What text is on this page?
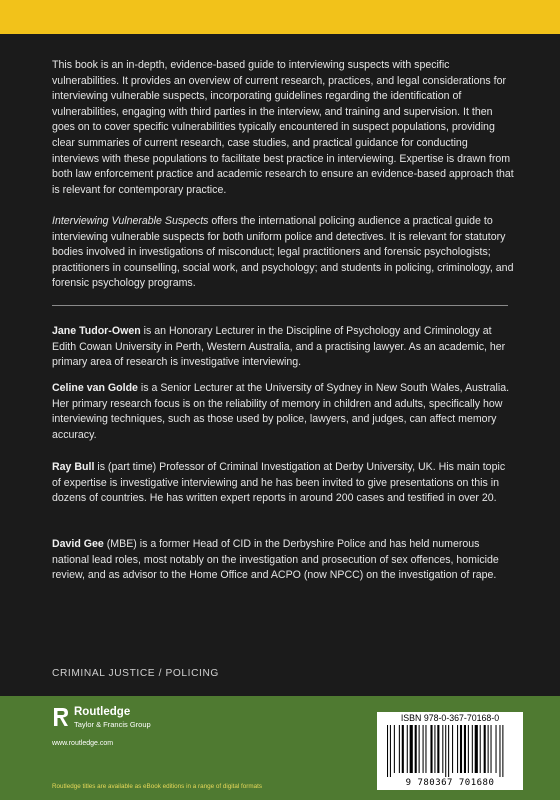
This book is an in-depth, evidence-based guide to interviewing suspects with specific vulnerabilities. It provides an overview of current research, practices, and legal considerations for interviewing vulnerable suspects, incorporating guidelines regarding the identification of vulnerabilities, engaging with third parties in the interview, and training and supervision. It then goes on to cover specific vulnerabilities typically encountered in suspect populations, providing clear summaries of current research, case studies, and practical guidance for conducting interviews with these populations to facilitate best practice in interviewing. Expertise is drawn from both law enforcement practice and academic research to ensure an evidence-based approach that is relevant for contemporary practice.

Interviewing Vulnerable Suspects offers the international policing audience a practical guide to interviewing vulnerable suspects for both uniform police and detectives. It is relevant for statutory bodies involved in investigations of misconduct; legal practitioners and forensic psychologists; practitioners in counselling, social work, and psychology; and students in policing, criminology, and forensic psychology programs.

Jane Tudor-Owen is an Honorary Lecturer in the Discipline of Psychology and Criminology at Edith Cowan University in Perth, Western Australia, and a practising lawyer. As an academic, her primary area of research is investigative interviewing.

Celine van Golde is a Senior Lecturer at the University of Sydney in New South Wales, Australia. Her primary research focus is on the reliability of memory in children and adults, specifically how interviewing techniques, such as those used by police, lawyers, and judges, can affect memory accuracy.

Ray Bull is (part time) Professor of Criminal Investigation at Derby University, UK. His main topic of expertise is investigative interviewing and he has been invited to give presentations on this in dozens of countries. He has written expert reports in around 200 cases and testified in over 20.

David Gee (MBE) is a former Head of CID in the Derbyshire Police and has held numerous national lead roles, most notably on the investigation and prosecution of sex offences, homicide review, and as advisor to the Home Office and ACPO (now NPCC) on the investigation of rape.

CRIMINAL JUSTICE / POLICING
Routledge
Taylor & Francis Group
www.routledge.com
Routledge titles are available as eBook editions in a range of digital formats
ISBN 978-0-367-70168-0
9 780367 701680
